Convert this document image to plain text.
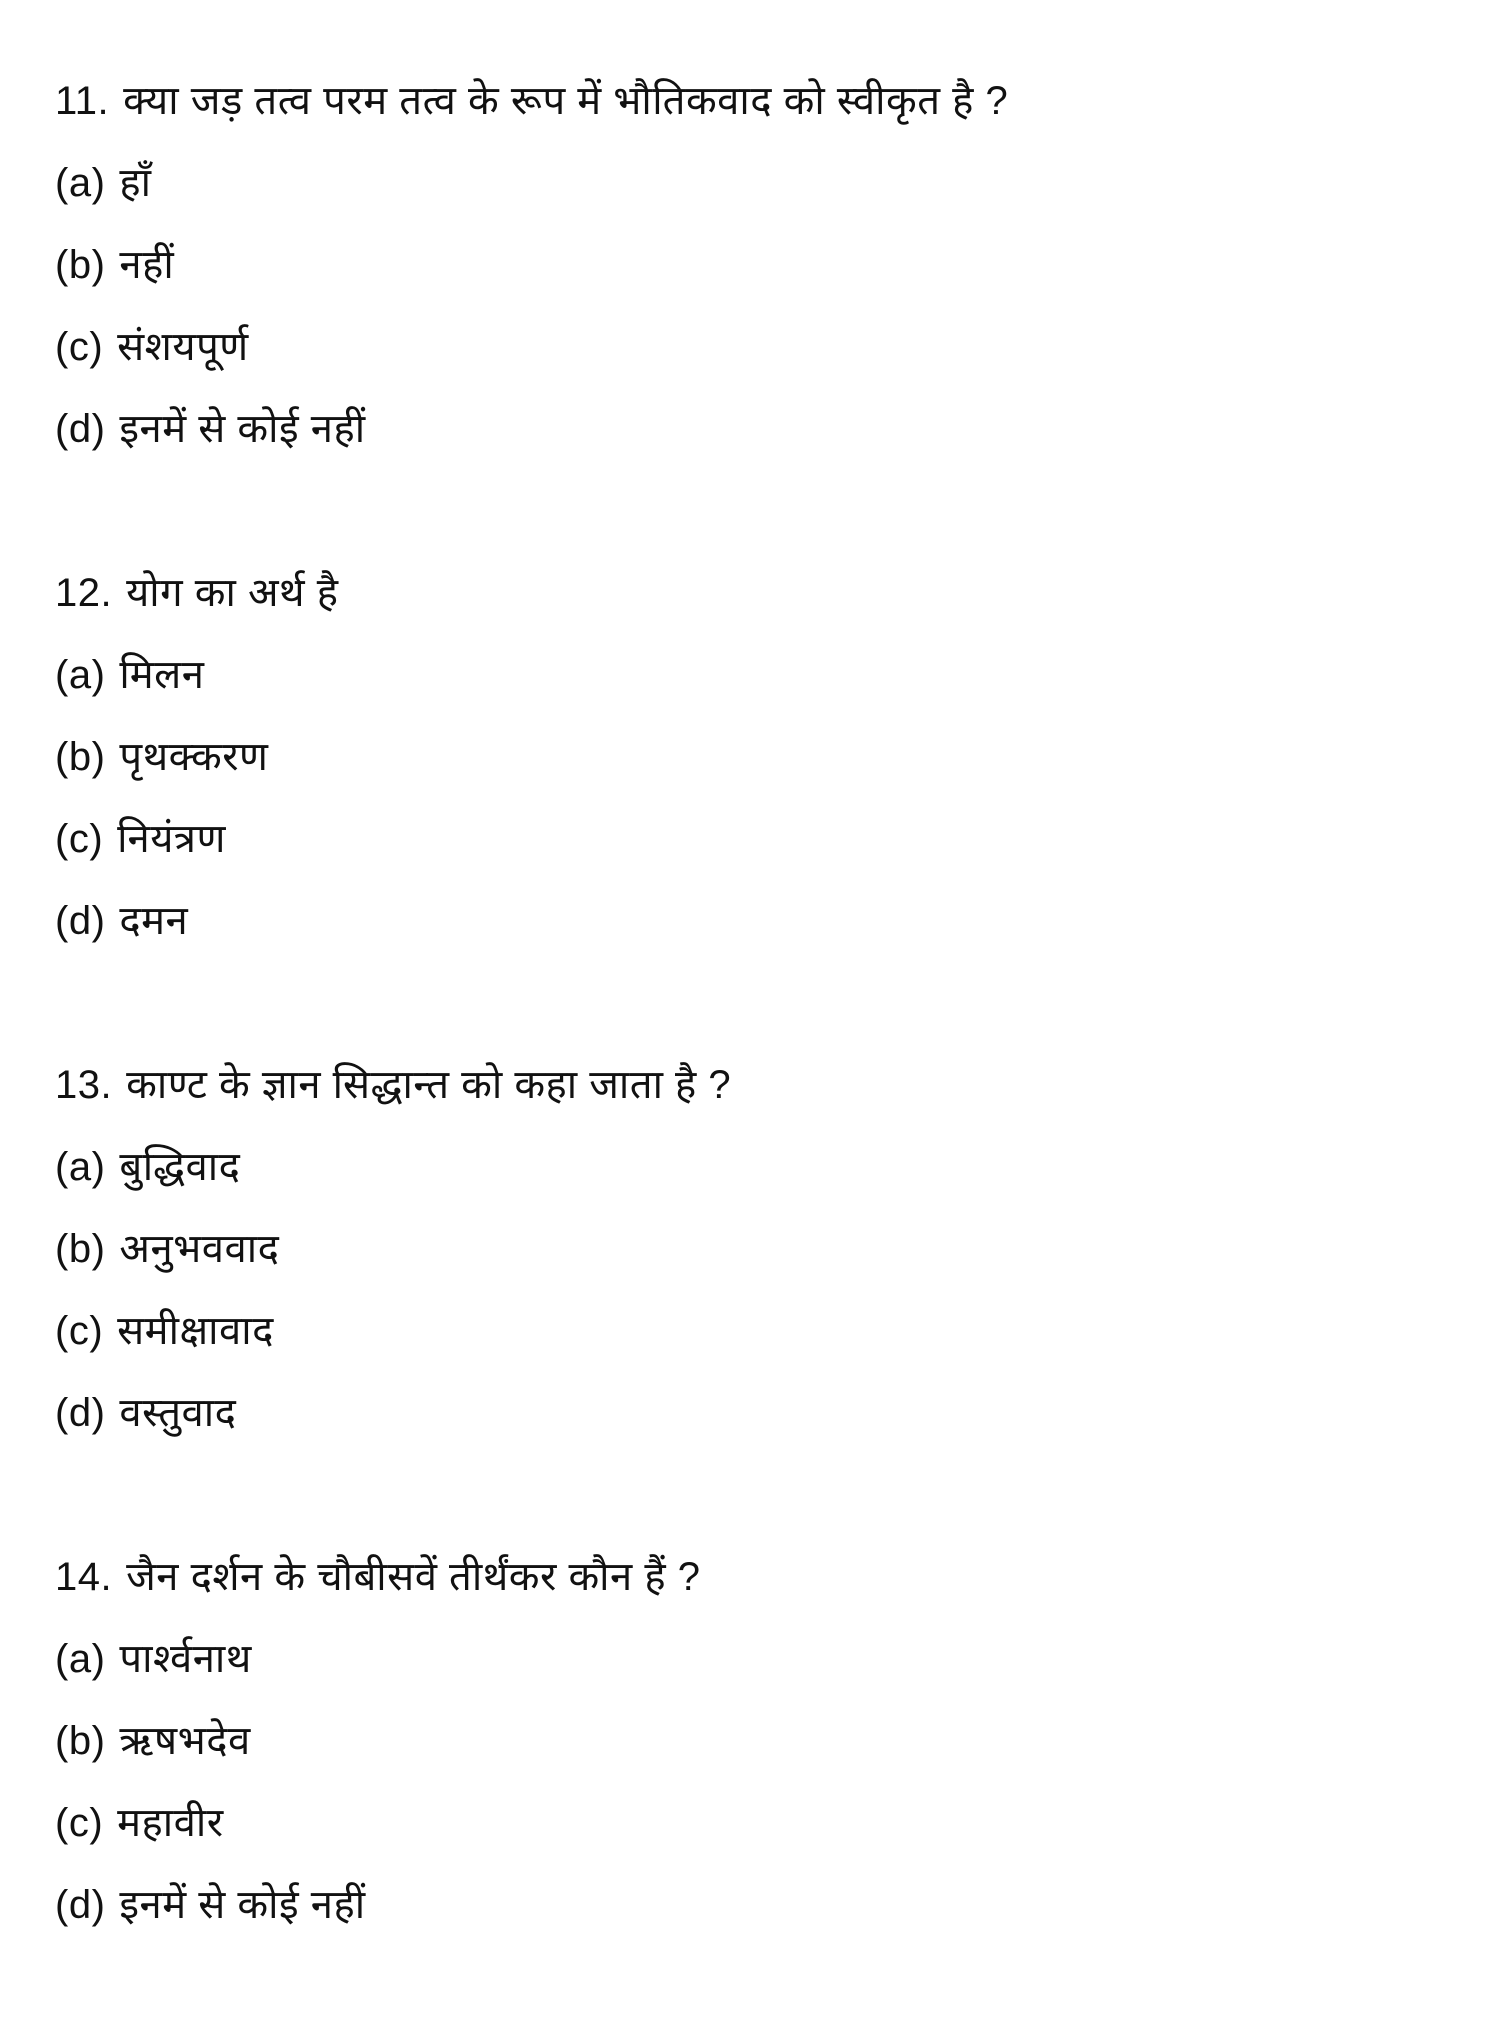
11. क्या जड़ तत्व परम तत्व के रूप में भौतिकवाद को स्वीकृत है ?
(a) हाँ
(b) नहीं
(c) संशयपूर्ण
(d) इनमें से कोई नहीं
12. योग का अर्थ है
(a) मिलन
(b) पृथक्करण
(c) नियंत्रण
(d) दमन
13. काण्ट के ज्ञान सिद्धान्त को कहा जाता है ?
(a) बुद्धिवाद
(b) अनुभववाद
(c) समीक्षावाद
(d) वस्तुवाद
14. जैन दर्शन के चौबीसवें तीर्थंकर कौन हैं ?
(a) पार्श्वनाथ
(b) ऋषभदेव
(c) महावीर
(d) इनमें से कोई नहीं
